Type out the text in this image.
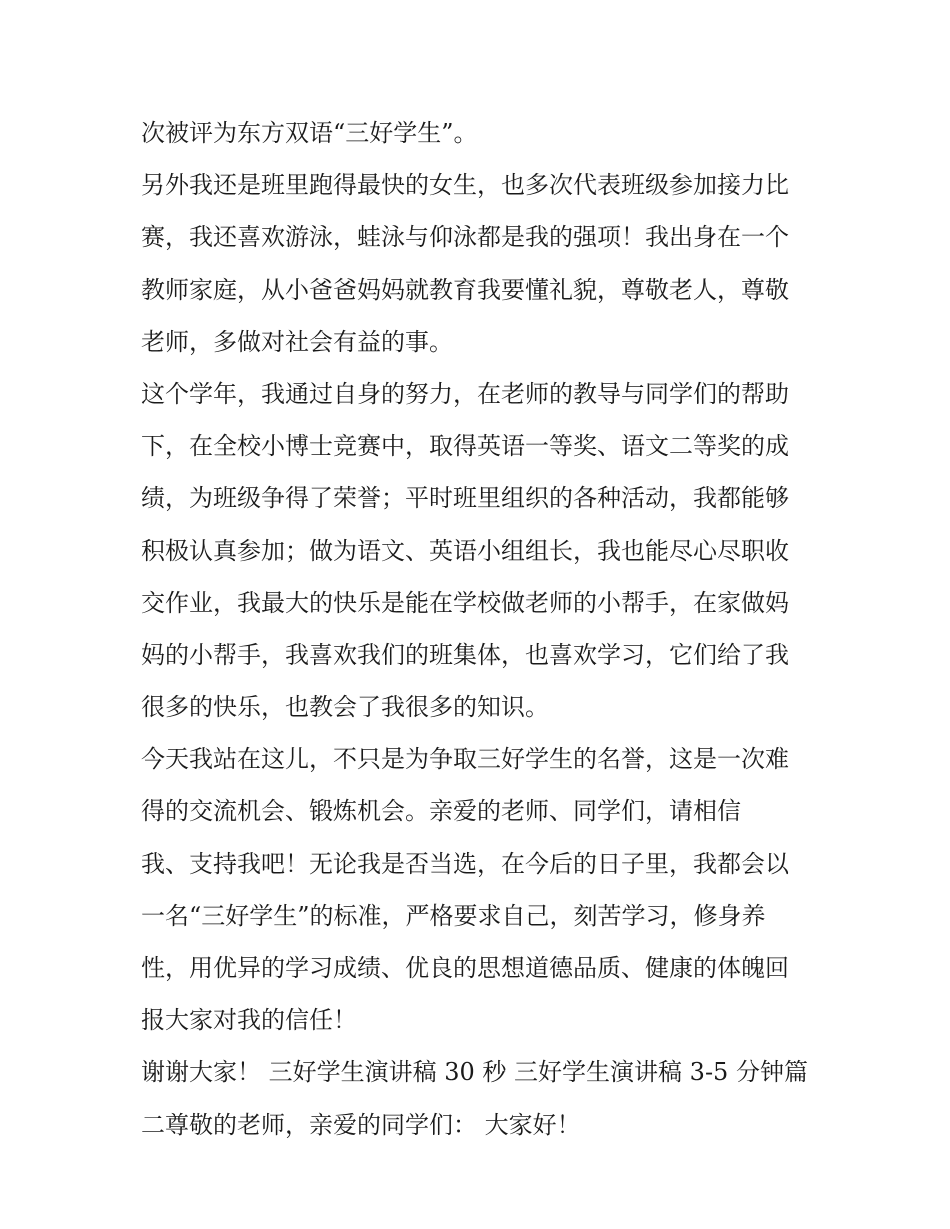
次被评为东方双语“三好学生”。
另外我还是班里跑得最快的女生，也多次代表班级参加接力比
赛，我还喜欢游泳，蛙泳与仰泳都是我的强项！我出身在一个
教师家庭，从小爸爸妈妈就教育我要懂礼貌，尊敬老人，尊敬
老师，多做对社会有益的事。
这个学年，我通过自身的努力，在老师的教导与同学们的帮助
下，在全校小博士竞赛中，取得英语一等奖、语文二等奖的成
绩，为班级争得了荣誉；平时班里组织的各种活动，我都能够
积极认真参加；做为语文、英语小组组长，我也能尽心尽职收
交作业，我最大的快乐是能在学校做老师的小帮手，在家做妈
妈的小帮手，我喜欢我们的班集体，也喜欢学习，它们给了我
很多的快乐，也教会了我很多的知识。
今天我站在这儿，不只是为争取三好学生的名誉，这是一次难
得的交流机会、锻炼机会。亲爱的老师、同学们，请相信
我、支持我吧！无论我是否当选，在今后的日子里，我都会以
一名“三好学生”的标准，严格要求自己，刻苦学习，修身养
性，用优异的学习成绩、优良的思想道德品质、健康的体魄回
报大家对我的信任！
谢谢大家！ 三好学生演讲稿 30 秒 三好学生演讲稿 3-5 分钟篇
二尊敬的老师，亲爱的同学们： 大家好！
